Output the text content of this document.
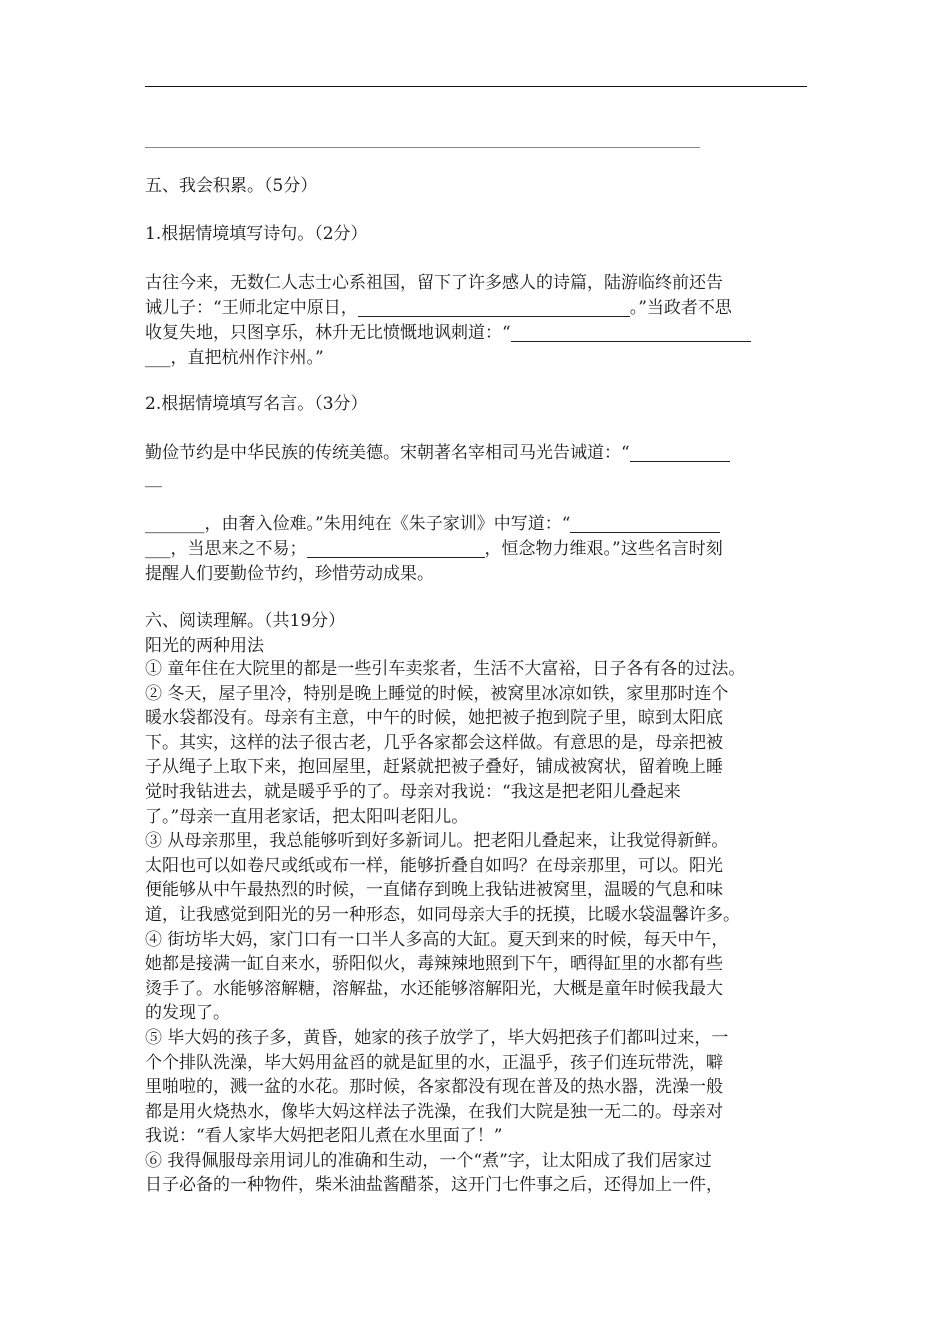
五、我会积累。（5分）
1.根据情境填写诗句。（2分）
古往今来，无数仁人志士心系祖国，留下了许多感人的诗篇，陆游临终前还告
诫儿子：“王师北定中原日，	。”当政者不思
收复失地，只图享乐，林升无比愤慨地讽刺道：“
___，直把杭州作汴州。”
2.根据情境填写名言。（3分）
勤俭节约是中华民族的传统美德。宋朝著名宰相司马光告诫道：“
__
_______，由奢入俭难。”朱用纯在《朱子家训》中写道：“
___，当思来之不易；	，恒念物力维艰。”这些名言时刻
提醒人们要勤俭节约，珍惜劳动成果。
六、阅读理解。（共19分）
阳光的两种用法
① 童年住在大院里的都是一些引车卖浆者，生活不大富裕，日子各有各的过法。
② 冬天，屋子里冷，特别是晚上睡觉的时候，被窝里冰凉如铁，家里那时连个
暖水袋都没有。母亲有主意，中午的时候，她把被子抱到院子里，晾到太阳底
下。其实，这样的法子很古老，几乎各家都会这样做。有意思的是，母亲把被
子从绳子上取下来，抱回屋里，赶紧就把被子叠好，铺成被窝状，留着晚上睡
觉时我钻进去，就是暖乎乎的了。母亲对我说：“我这是把老阳儿叠起来
了。”母亲一直用老家话，把太阳叫老阳儿。
③ 从母亲那里，我总能够听到好多新词儿。把老阳儿叠起来，让我觉得新鲜。
太阳也可以如卷尺或纸或布一样，能够折叠自如吗？在母亲那里，可以。阳光
便能够从中午最热烈的时候，一直储存到晚上我钻进被窝里，温暖的气息和味
道，让我感觉到阳光的另一种形态，如同母亲大手的抚摸，比暖水袋温馨许多。
④ 街坊毕大妈，家门口有一口半人多高的大缸。夏天到来的时候，每天中午，
她都是接满一缸自来水，骄阳似火，毒辣辣地照到下午，晒得缸里的水都有些
烫手了。水能够溶解糖，溶解盐，水还能够溶解阳光，大概是童年时候我最大
的发现了。
⑤ 毕大妈的孩子多，黄昏，她家的孩子放学了，毕大妈把孩子们都叫过来，一
个个排队洗澡，毕大妈用盆舀的就是缸里的水，正温乎，孩子们连玩带洗，噼
里啪啦的，溅一盆的水花。那时候，各家都没有现在普及的热水器，洗澡一般
都是用火烧热水，像毕大妈这样法子洗澡，在我们大院是独一无二的。母亲对
我说：“看人家毕大妈把老阳儿煮在水里面了！”
⑥ 我得佩服母亲用词儿的准确和生动，一个“煮”字，让太阳成了我们居家过
日子必备的一种物件，柴米油盐酱醋茶，这开门七件事之后，还得加上一件，
